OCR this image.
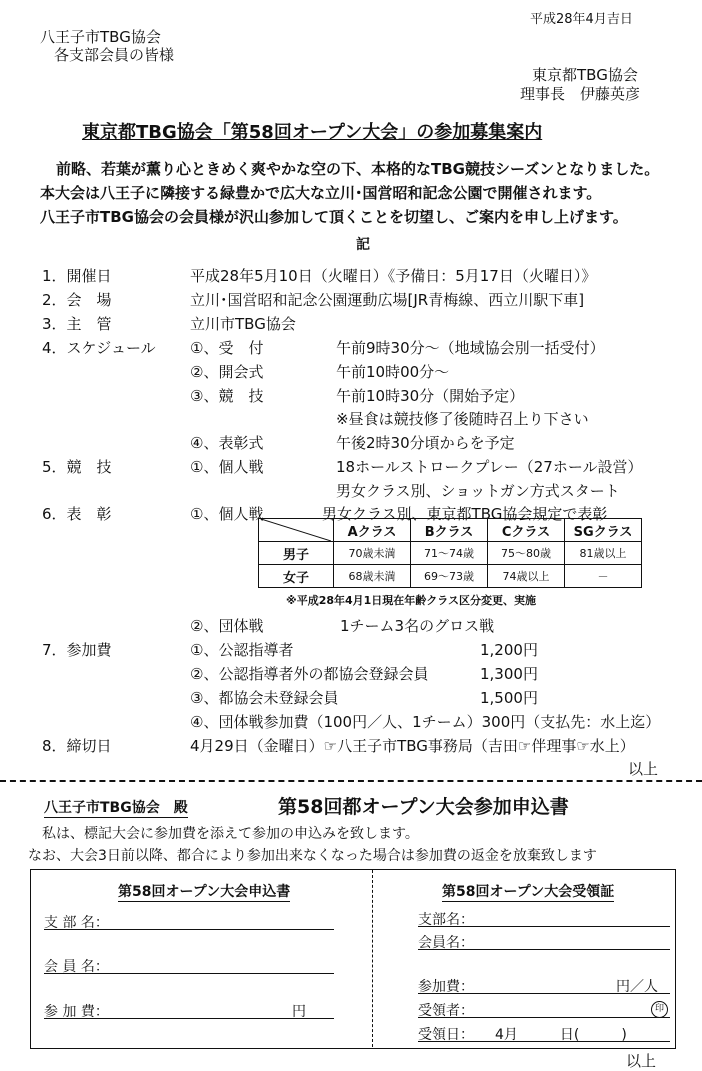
平成28年4月吉日
八王子市TBG協会
各支部会員の皆様
東京都TBG協会
理事長　伊藤英彦
東京都TBG協会「第58回オープン大会」の参加募集案内
前略、若葉が薫り心ときめく爽やかな空の下、本格的なTBG競技シーズンとなりました。
本大会は八王子に隣接する緑豊かで広大な立川･国営昭和記念公園で開催されます。
八王子市TBG協会の会員様が沢山参加して頂くことを切望し、ご案内を申し上げます。
記
1．開催日	平成28年5月10日（火曜日）《予備日：5月17日（火曜日）》
2．会　場	立川･国営昭和記念公園運動広場[JR青梅線、西立川駅下車]
3．主　管	立川市TBG協会
4．スケジュール ①、受　付	午前9時30分～（地域協会別一括受付）
②、開会式	午前10時00分～
③、競　技	午前10時30分（開始予定）
※昼食は競技修了後随時召上り下さい
④、表彰式	午後2時30分頃からを予定
5．競　技	①、個人戦	18ホールストロークプレー（27ホール設営）
男女クラス別、ショットガン方式スタート
6．表　彰	①、個人戦	男女クラス別、東京都TBG協会規定で表彰
	Aクラス	Bクラス	Cクラス	SGクラス
男子	70歳未満	71～74歳	75～80歳	81歳以上
女子	68歳未満	69～73歳	74歳以上	－
※平成28年4月1日現在年齢クラス区分変更、実施
②、団体戦	1チーム3名のグロス戦
7．参加費	①、公認指導者	1,200円
②、公認指導者外の都協会登録会員	1,300円
③、都協会未登録会員	1,500円
④、団体戦参加費（100円／人、1チーム）300円（支払先：水上迄）
8．締切日	4月29日（金曜日）☞八王子市TBG事務局（吉田☞伴理事☞水上）
以上
八王子市TBG協会　殿	第58回都オープン大会参加申込書
私は、標記大会に参加費を添えて参加の申込みを致します。
なお、大会3日前以降、都合により参加出来なくなった場合は参加費の返金を放棄致します
第58回オープン大会申込書
支 部 名：
会 員 名：
参 加 費：	円
第58回オープン大会受領証
支部名：
会員名：
参加費：	円／人
受領者：	印
受領日：　　4月　　　日(　　　)
以上
